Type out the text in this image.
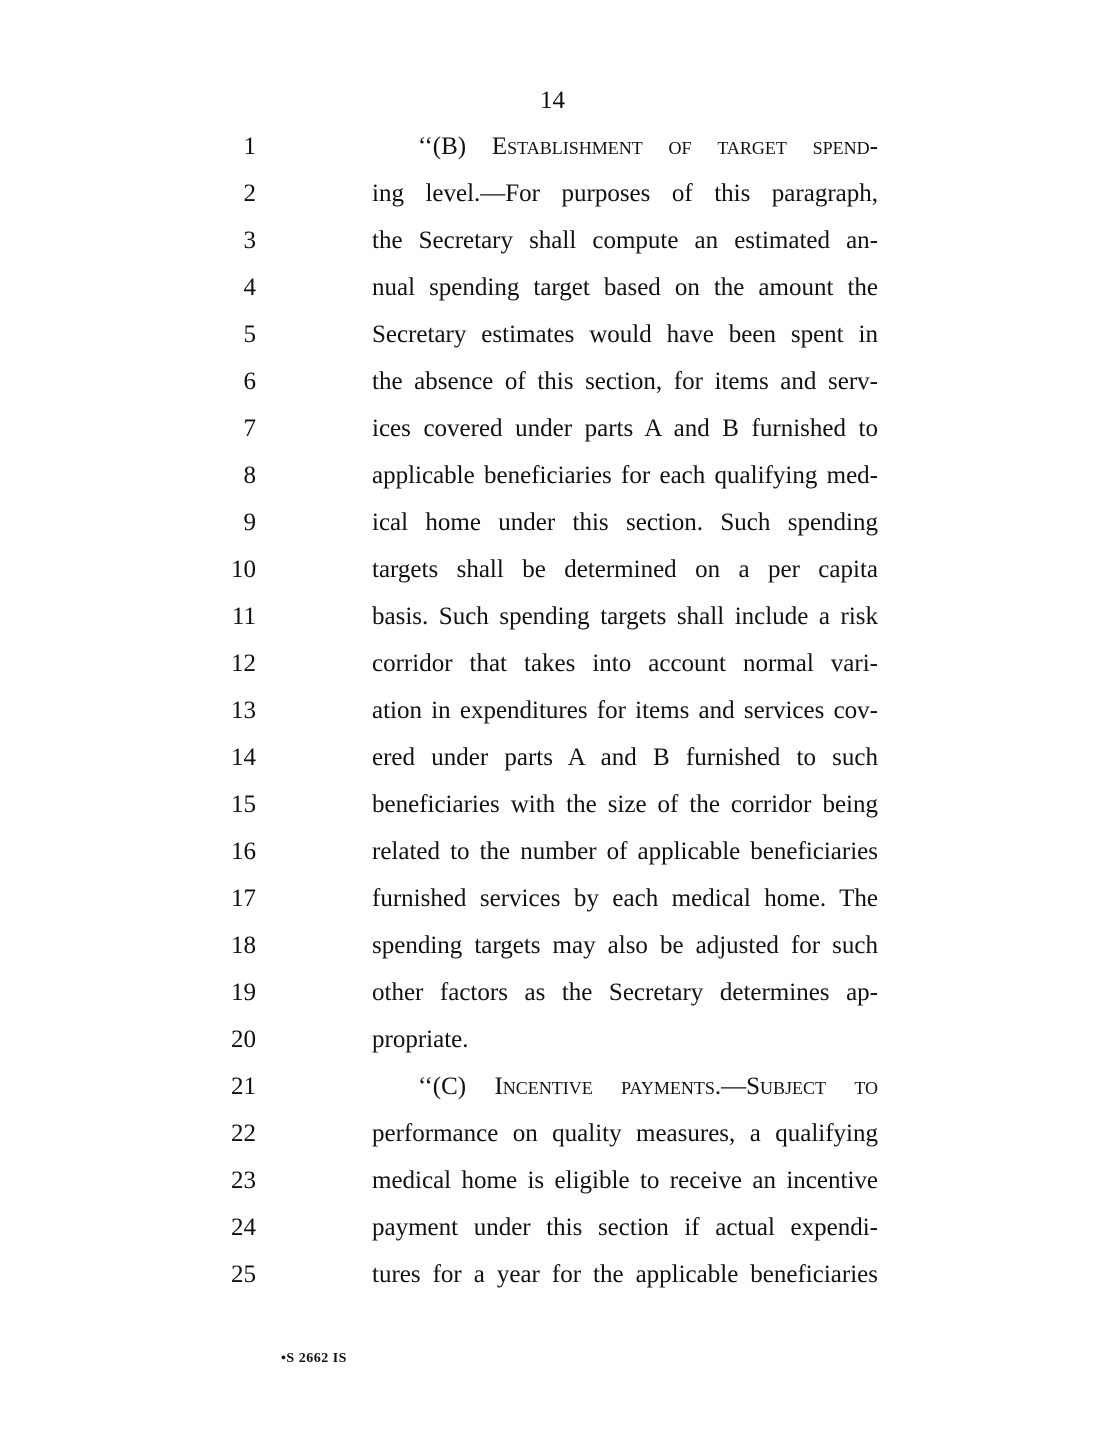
14
1	‘‘(B) Establishment of target spend-
2	ing level.—For purposes of this paragraph,
3	the Secretary shall compute an estimated an-
4	nual spending target based on the amount the
5	Secretary estimates would have been spent in
6	the absence of this section, for items and serv-
7	ices covered under parts A and B furnished to
8	applicable beneficiaries for each qualifying med-
9	ical home under this section. Such spending
10	targets shall be determined on a per capita
11	basis. Such spending targets shall include a risk
12	corridor that takes into account normal vari-
13	ation in expenditures for items and services cov-
14	ered under parts A and B furnished to such
15	beneficiaries with the size of the corridor being
16	related to the number of applicable beneficiaries
17	furnished services by each medical home. The
18	spending targets may also be adjusted for such
19	other factors as the Secretary determines ap-
20	propriate.
21	‘‘(C) Incentive payments.—Subject to
22	performance on quality measures, a qualifying
23	medical home is eligible to receive an incentive
24	payment under this section if actual expendi-
25	tures for a year for the applicable beneficiaries
•S 2662 IS
